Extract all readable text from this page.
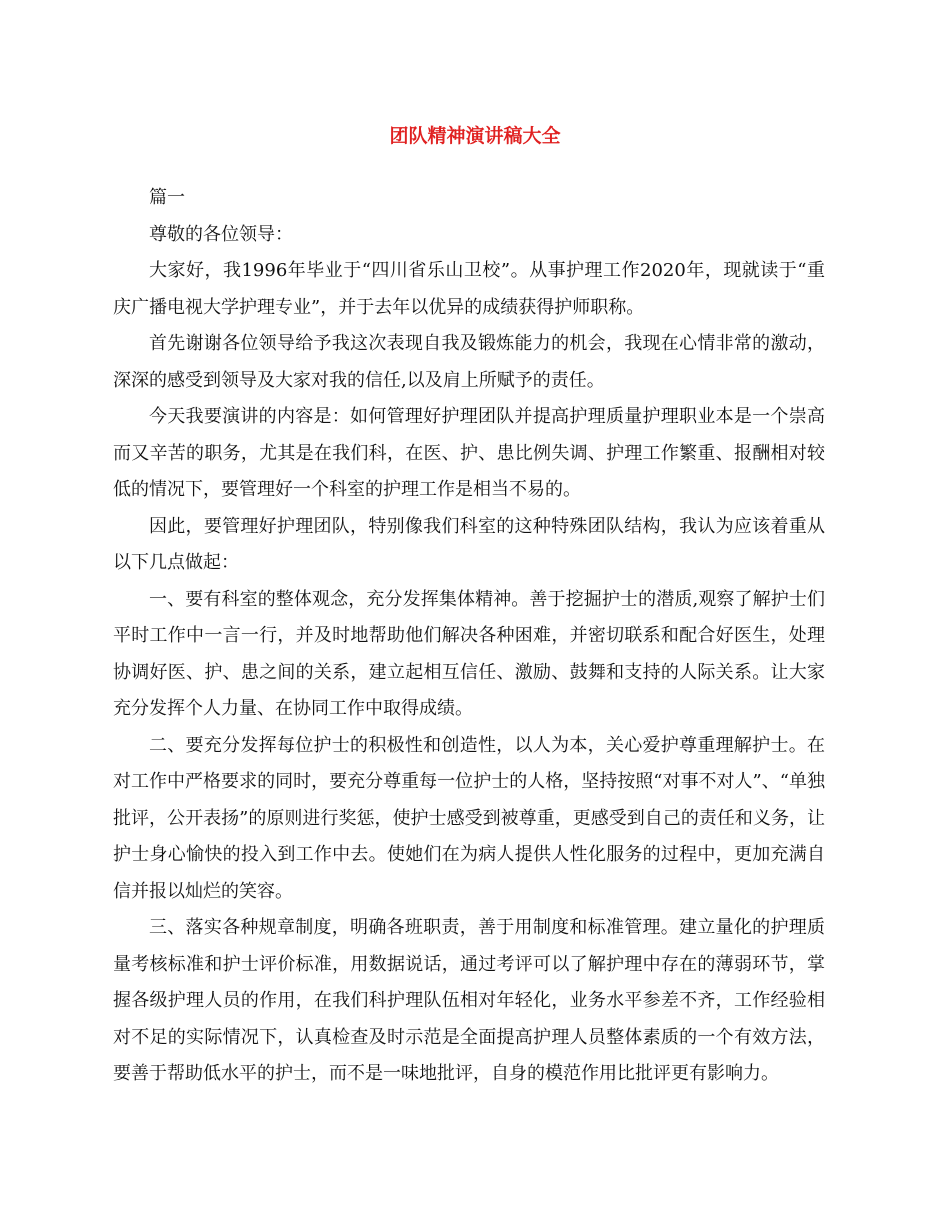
团队精神演讲稿大全

篇一

尊敬的各位领导：

大家好，我1996年毕业于“四川省乐山卫校”。从事护理工作2020年，现就读于“重庆广播电视大学护理专业”，并于去年以优异的成绩获得护师职称。

首先谢谢各位领导给予我这次表现自我及锻炼能力的机会，我现在心情非常的激动，深深的感受到领导及大家对我的信任,以及肩上所赋予的责任。

今天我要演讲的内容是：如何管理好护理团队并提高护理质量护理职业本是一个崇高而又辛苦的职务，尤其是在我们科，在医、护、患比例失调、护理工作繁重、报酬相对较低的情况下，要管理好一个科室的护理工作是相当不易的。

因此，要管理好护理团队，特别像我们科室的这种特殊团队结构，我认为应该着重从以下几点做起：

一、要有科室的整体观念，充分发挥集体精神。善于挖掘护士的潜质,观察了解护士们平时工作中一言一行，并及时地帮助他们解决各种困难，并密切联系和配合好医生，处理协调好医、护、患之间的关系，建立起相互信任、激励、鼓舞和支持的人际关系。让大家充分发挥个人力量、在协同工作中取得成绩。

二、要充分发挥每位护士的积极性和创造性，以人为本，关心爱护尊重理解护士。在对工作中严格要求的同时，要充分尊重每一位护士的人格，坚持按照“对事不对人”、“单独批评，公开表扬”的原则进行奖惩，使护士感受到被尊重，更感受到自己的责任和义务，让护士身心愉快的投入到工作中去。使她们在为病人提供人性化服务的过程中，更加充满自信并报以灿烂的笑容。

三、落实各种规章制度，明确各班职责，善于用制度和标准管理。建立量化的护理质量考核标准和护士评价标准，用数据说话，通过考评可以了解护理中存在的薄弱环节，掌握各级护理人员的作用，在我们科护理队伍相对年轻化，业务水平参差不齐，工作经验相对不足的实际情况下，认真检查及时示范是全面提高护理人员整体素质的一个有效方法，要善于帮助低水平的护士，而不是一味地批评，自身的模范作用比批评更有影响力。
